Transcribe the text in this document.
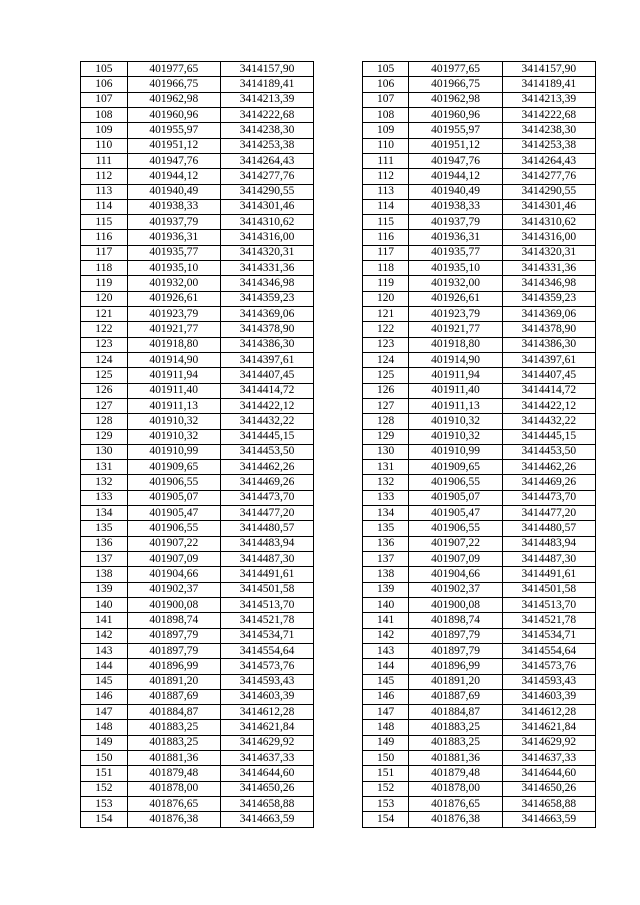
105	401977,65	3414157,90		105	401977,65	3414157,90
106	401966,75	3414189,41		106	401966,75	3414189,41
107	401962,98	3414213,39		107	401962,98	3414213,39
108	401960,96	3414222,68		108	401960,96	3414222,68
109	401955,97	3414238,30		109	401955,97	3414238,30
110	401951,12	3414253,38		110	401951,12	3414253,38
111	401947,76	3414264,43		111	401947,76	3414264,43
112	401944,12	3414277,76		112	401944,12	3414277,76
113	401940,49	3414290,55		113	401940,49	3414290,55
114	401938,33	3414301,46		114	401938,33	3414301,46
115	401937,79	3414310,62		115	401937,79	3414310,62
116	401936,31	3414316,00		116	401936,31	3414316,00
117	401935,77	3414320,31		117	401935,77	3414320,31
118	401935,10	3414331,36		118	401935,10	3414331,36
119	401932,00	3414346,98		119	401932,00	3414346,98
120	401926,61	3414359,23		120	401926,61	3414359,23
121	401923,79	3414369,06		121	401923,79	3414369,06
122	401921,77	3414378,90		122	401921,77	3414378,90
123	401918,80	3414386,30		123	401918,80	3414386,30
124	401914,90	3414397,61		124	401914,90	3414397,61
125	401911,94	3414407,45		125	401911,94	3414407,45
126	401911,40	3414414,72		126	401911,40	3414414,72
127	401911,13	3414422,12		127	401911,13	3414422,12
128	401910,32	3414432,22		128	401910,32	3414432,22
129	401910,32	3414445,15		129	401910,32	3414445,15
130	401910,99	3414453,50		130	401910,99	3414453,50
131	401909,65	3414462,26		131	401909,65	3414462,26
132	401906,55	3414469,26		132	401906,55	3414469,26
133	401905,07	3414473,70		133	401905,07	3414473,70
134	401905,47	3414477,20		134	401905,47	3414477,20
135	401906,55	3414480,57		135	401906,55	3414480,57
136	401907,22	3414483,94		136	401907,22	3414483,94
137	401907,09	3414487,30		137	401907,09	3414487,30
138	401904,66	3414491,61		138	401904,66	3414491,61
139	401902,37	3414501,58		139	401902,37	3414501,58
140	401900,08	3414513,70		140	401900,08	3414513,70
141	401898,74	3414521,78		141	401898,74	3414521,78
142	401897,79	3414534,71		142	401897,79	3414534,71
143	401897,79	3414554,64		143	401897,79	3414554,64
144	401896,99	3414573,76		144	401896,99	3414573,76
145	401891,20	3414593,43		145	401891,20	3414593,43
146	401887,69	3414603,39		146	401887,69	3414603,39
147	401884,87	3414612,28		147	401884,87	3414612,28
148	401883,25	3414621,84		148	401883,25	3414621,84
149	401883,25	3414629,92		149	401883,25	3414629,92
150	401881,36	3414637,33		150	401881,36	3414637,33
151	401879,48	3414644,60		151	401879,48	3414644,60
152	401878,00	3414650,26		152	401878,00	3414650,26
153	401876,65	3414658,88		153	401876,65	3414658,88
154	401876,38	3414663,59		154	401876,38	3414663,59
